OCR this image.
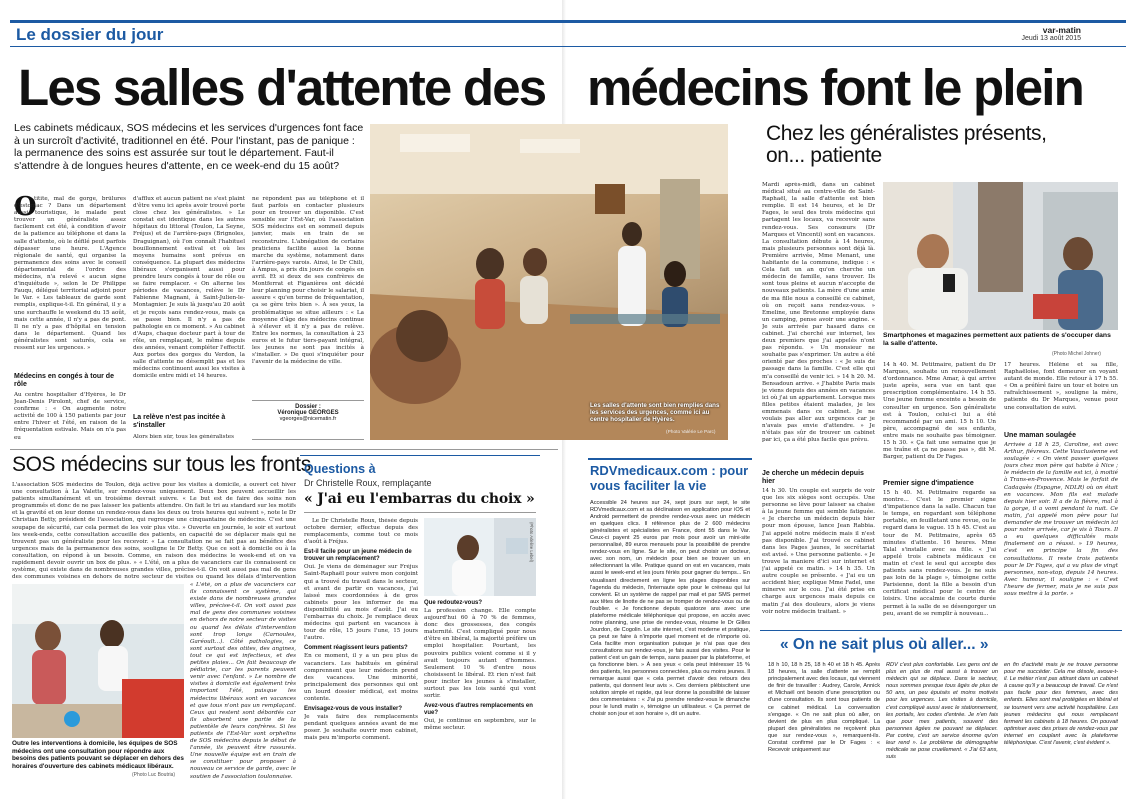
Le dossier du jour	var-matin
Jeudi 13 août 2015
Les salles d'attente des médecins font le plein
Les cabinets médicaux, SOS médecins et les services d'urgences font face à un surcroît d'activité, traditionnel en été. Pour l'instant, pas de panique : la permanence des soins est assurée sur tout le département. Faut-il s'attendre à de longues heures d'attente, en ce week-end du 15 août?
O
titite, mal de gorge, brûlures d'estomac ? Dans un département aussi touristique, le malade peut trouver un généraliste assez facilement cet été, à condition d'avoir de la patience au téléphone et dans la salle d'attente, où le défilé peut parfois dépasser une heure. L'Agence régionale de santé, qui organise la permanence des soins avec le conseil départemental de l'ordre des médecins, n'a relevé « aucun signe d'inquiétude », selon le Dr Philippe Fauqu, délégué territorial adjoint pour le Var. « Les tableaux de garde sont remplis, explique-t-il. En général, il y a une surchauffe le weekend du 15 août, mais cette année, il n'y a pas de pont. Il ne n'y a pas d'hôpital en tension dans le département. Quand les généralistes sont saturés, cela se ressent sur les urgences. »
Médecins en congés à tour de rôle
Au centre hospitalier d'Hyères, le Dr Jean-Denis Pirolont, chef de service, confirme : « On augmente notre activité de 100 à 150 patients par jour entre l'hiver et l'été, en raison de la fréquentation estivale. Mais on n'a pas eu
d'afflux et aucun patient ne s'est plaint d'être venu ici après avoir trouvé porte close chez les généralistes. » Le constat est identique dans les autres hôpitaux du littoral (Toulon, La Seyne, Fréjus) et de l'arrière-pays (Brignoles, Draguignan), où l'on connaît l'habituel bouillonnement estival et où les moyens humains sont prévus en conséquence. La plupart des médecins libéraux s'organisent aussi pour prendre leurs congés à tour de rôle ou se faire remplacer. « On alterne les périodes de vacances, relève le Dr Fabienne Magnani, à Saint-Julien-le-Montagnier. Je suis là jusqu'au 20 août et je reçois sans rendez-vous, mais ça se passe bien. Il n'y a pas de pathologie en ce moment. » Au cabinet d'Aups, chaque docteur part à tour de rôle, un remplaçant, le même depuis des années, venant compléter l'effectif. Aux portes des gorges du Verdon, la salle d'attente ne désemplit pas et les médecins continuent aussi les visites à domicile entre midi et 14 heures.
La relève n'est pas incitée à s'installer
Alors bien sûr, tous les généralistes
ne répondent pas au téléphone et il faut parfois en contacter plusieurs pour en trouver un disponible. C'est sensible sur l'Est-Var, où l'association SOS médecins est en sommeil depuis janvier, mais en train de se reconstruire. L'abnégation de certains praticiens facilite aussi la bonne marche du système, notamment dans l'arrière-pays varois. Ainsi, le Dr Chili, à Ampus, a pris dix jours de congés en avril. Et si deux de ses confrères de Montferrat et Figanières ont décidé leur planning pour choisir le salariat, il assure « qu'en terme de fréquentation, ça se gère très bien ». À ses yeux, la problématique se situe ailleurs : « La moyenne d'âge des médecins continue à s'élever et il n'y a pas de relève. Entre les normes, la consultation à 23 euros et le futur tiers-payant intégral, les jeunes ne sont pas incités à s'installer. » De quoi s'inquiéter pour l'avenir de la médecine de ville.
Dossier :
Véronique GEORGES
vgeorges@nicematin.fr
Les salles d'attente sont bien remplies dans les services des urgences, comme ici au centre hospitalier de Hyères.
(Photo Valérie Le Parc)
Chez les généralistes présents, on... patiente
Mardi après-midi, dans un cabinet médical situé au centre-ville de Saint-Raphaël, la salle d'attente est bien remplie. Il est 14 heures, et le Dr Fages, le seul des trois médecins qui partagent les locaux, va recevoir sans rendez-vous. Ses consœurs (Dr Marques et Vincenti) sont en vacances. La consultation débute à 14 heures, mais plusieurs personnes sont déjà là. Première arrivée, Mme Menant, une habitante de la commune, indique : « Cela fait un an qu'on cherche un médecin de famille, sans trouver. Ils sont tous pleins et aucun n'accepte de nouveaux patients. La mère d'une amie de ma fille nous a conseillé ce cabinet, où on reçoit sans rendez-vous. » Emeline, une Bretonne employée dans un camping, pense avoir une angine. « Je suis arrivée par hasard dans ce cabinet. J'ai cherché sur internet, les deux premiers que j'ai appelés n'ont pas répondu. » Un monsieur ne souhaite pas s'exprimer. Un autre a été orienté par des proches : « Je suis de passage dans la famille. C'est elle qui m'a conseillé de venir ici. » 14 h 20. M. Bensadoun arrive. « J'habite Paris mais je viens depuis des années en vacances ici où j'ai un appartement. Lorsque mes filles petites étaient malades, je les emmenais dans ce cabinet. Je ne voulais pas aller aux urgences car je n'avais pas envie d'attendre. » Je n'étais pas sûr de trouver un cabinet par ici, ça a été plus facile que prévu.
Je cherche un médecin depuis hier
14 h 30. Un couple est surpris de voir que les six sièges sont occupés. Une personne se lève pour laisser sa chaise à la jeune femme qui semble fatiguée. « Je cherche un médecin depuis hier pour mon épouse, lance Jean Rabbia. J'ai appelé notre médecin mais il n'est pas disponible. J'ai trouvé ce cabinet dans les Pages jaunes, le secrétariat est avisé. » Une personne patiente. « Je trouve la maniere d'ici sur internet et j'ai appelé ce matin. » 14 h 35. Un autre couple se présente. « J'ai eu un accident hier, explique Mme Fadel, une minerve sur le cou. J'ai été prise en charge aux urgences mais depuis ce matin j'ai des douleurs, alors je viens voir notre médecin traitant. »
Smartphones et magazines permettent aux patients de s'occuper dans la salle d'attente.
(Photo Michel Johner)
14 h 40. M. Petitmaire, patient du Dr Marques, souhaite un renouvellement d'ordonnance. Mme Amar, à qui arrive juste après, sera vue en tant que prescription complémentaire. 14 h 55. Une jeune femme enceinte a besoin de consulter en urgence. Son généraliste est à Toulon, celui-ci lui a été recommandé par un ami. 15 h 10. Un père, accompagné de ses enfants, entre mais ne souhaite pas témoigner. 15 h 30. « Ça fait une semaine que je me traîne et ça ne passe pas », dit M. Barger, patient du Dr Fages.
Premier signe d'impatience
15 h 40. M. Petitmaire regarde sa montre... C'est le premier signe d'impatience dans la salle. Chacun tue le temps, en regardant son téléphone portable, en feuilletant une revue, ou le regard dans le vague. 15 h 45. C'est au tour de M. Petitmaire, après 65 minutes d'attente. 16 heures. Mme Talal s'installe avec sa fille. « J'ai appelé trois cabinets médicaux ce matin et c'est le seul qui accepte des patients sans rendez-vous. Je ne suis pas loin de la plage », témoigne cette Parisienne, dont la fille a besoin d'un certificat médical pour le centre de loisirs. Une accalmie de courte durée permet à la salle de se désengorger un peu, avant de se remplir à nouveau...
17 heures. Hélène et sa fille, Raphaëloise, font demeurer en voyant autant de monde. Elle retour à 17 h 55. « On a préféré faire un tour et boire un rafraîchissement », souligne la mère, patiente du Dr Marques, venue pour une consultation de suivi.
Une maman soulagée
Arrivée à 18 h 25, Caroline, est avec Arthur, fiévreux. Cette Vauclusienne est soulagée : « On vient passer quelques jours chez mon père qui habite à Nice ; le médecin de la famille est ici, à moitié à Trans-en-Provence. Mais le forfait de Cadaquès (Espagne, NDLR) où on était en vacances. Mon fils est malade depuis hier soir. Il a de la fièvre, mal à la gorge, il a vomi pendant la nuit. Ce matin, j'ai appelé mon père pour lui demander de me trouver un médecin ici pour notre arrivée, car je vis à Tours. Il a eu quelques difficultés mais finalement on a réussi. » 19 heures, c'est en principe la fin des consultations. Il reste trois patients pour le Dr Fages, qui a vu plus de vingt personnes, non-stop, depuis 14 heures. Avec humour, il souligne : « C'est l'heure de fermer, mais je ne suis pas sous mettre à la porte. »
SOS médecins sur tous les fronts
L'association SOS médecins de Toulon, déjà active pour les visites à domicile, a ouvert cet hiver une consultation à La Valette, sur rendez-vous uniquement. Deux box peuvent accueillir les patients simultanément et un troisième devrait suivre. « Le but est de faire des soins non programmés et donc de ne pas laisser les patients attendre. On fait le tri au standard sur les motifs et la gravité et on leur donne un rendez-vous dans les deux ou trois heures qui suivent », note le Dr Christian Betty, président de l'association, qui regroupe une cinquantaine de médecins. C'est une soupape de sécurité, car cela permet de les voir plus vite. » Ouverte en journée, le soir et surtout les week-ends, cette consultation accueille des patients, en capacité de se déplacer mais qui ne trouvent pas un généraliste pour les recevoir. « La consultation ne se fait pas au bénéfice des urgences mais de la permanence des soins, souligne le Dr Betty. Que ce soit à domicile ou à la consultation, on répond à un besoin. Comme, en raison des médecins le week-end et on va rapidement devoir ouvrir un box de plus. » « L'été, on a plus de vacanciers car ils connaissent ce système, qui existe dans de nombreuses grandes villes, précise-t-il. On voit aussi pas mal de gens des communes voisines en dehors de notre secteur de visites ou quand les délais d'intervention
« L'été, on a plus de vacanciers car ils connaissent ce système, qui existe dans de nombreuses grandes villes, précise-t-il. On voit aussi pas mal de gens des communes voisines en dehors de notre secteur de visites ou quand les délais d'intervention sont trop longs (Carnoules, Garéoult...). Côté pathologies, ce sont surtout des otites, des angines, tout ce qui est infectieux, et des petites plaies... On fait beaucoup de pédiatrie, car les parents peuvent venir avec l'enfant. » Le nombre de visites à domicile est également très important l'été, puisque les médecins libéraux sont en vacances et que tous n'ont pas un remplaçant. Ceux qui restent sont débordés car ils absorbent une partie de la patientèle de leurs confrères. Si les patients de l'Est-Var sont orphelins de SOS médecins depuis le début de l'année, ils peuvent être rassurés. Une nouvelle équipe est en train de se constituer pour proposer à nouveau ce service de garde, avec le soutien de l'association toulonnaise.
Outre les interventions à domicile, les équipes de SOS médecins ont une consultation pour répondre aux besoins des patients pouvant se déplacer en dehors des horaires d'ouverture des cabinets médicaux libéraux.
(Photo Luc Boutria)
Questions à
Dr Christelle Roux, remplaçante
« J'ai eu l'embarras du choix »
Le Dr Christelle Roux, thésée depuis octobre dernier, effectue depuis des remplacements, comme tout ce mois d'août à Fréjus.
Est-il facile pour un jeune médecin de trouver un remplacement?
Oui. Je viens de déménager sur Fréjus Saint-Raphaël pour suivre mon conjoint qui a trouvé du travail dans le secteur, et avant de partir en vacances, j'ai laissé mes coordonnées à de gros cabinets pour les informer de ma disponibilité au mois d'août. J'ai eu l'embarras du choix. Je remplace deux médecins qui partent en vacances à tour de rôle, 15 jours l'une, 15 jours l'autre.
Comment réagissent leurs patients?
En ce moment, il y a un peu plus de vacanciers. Les habitués en général comprennent que leur médecin prend des vacances. Une minorité, principalement des personnes qui ont un lourd dossier médical, est moins contente.
Envisagez-vous de vous installer?
Je vais faire des remplacements pendant quelques années avant de me poser. Je souhaite ouvrir mon cabinet, mais peu m'importe comment.
(Photo Adeline Lebel)
Que redoutez-vous?
La profession change. Elle compte aujourd'hui 60 à 70 % de femmes, donc des grossesses, des congés maternité. C'est compliqué pour nous d'être en libéral, la majorité préfère un emploi hospitalier. Pourtant, les pouvoirs publics voient comme si il y avait toujours autant d'hommes. Seulement 10 % d'entre nous choisissent le libéral. Et rien n'est fait pour inciter les jeunes à s'installer, surtout pas les lois santé qui vont sortir.
Avez-vous d'autres remplacements en vue?
Oui, je continue en septembre, sur le même secteur.
RDVmedicaux.com : pour vous faciliter la vie
Accessible 24 heures sur 24, sept jours sur sept, le site RDVmedicaux.com et sa déclinaison en application pour iOS et Android permettent de prendre rendez-vous avec un médecin en quelques clics. Il référence plus de 2 600 médecins généralistes et spécialistes en France, dont 55 dans le Var. Ceux-ci payent 25 euros par mois pour avoir un mini-site personnalisé, 89 euros mensuels pour la possibilité de prendre rendez-vous en ligne. Sur le site, on peut choisir un docteur, avec son nom, un médecin pour bien se trouver un en sélectionnant la ville. Pratique quand on est en vacances, mais aussi le week-end et les jours fériés pour gagner du temps... En visualisant directement en ligne les plages disponibles sur l'agenda du médecin, l'internaute opte pour le créneau qui lui convient. Et un système de rappel par mail et par SMS permet aux têtes de linotte de ne pas se tromper de rendez-vous ou de l'oublier. « Je fonctionne depuis quatorze ans avec une plateforme médicale téléphonique qui propose, en accès avec notre planning, une prise de rendez-vous, résume le Dr Gilles Jourdon, de Cogolin. Le site internet, c'est moderne et pratique, ça peut se faire à n'importe quel moment et de n'importe où. Cela facilite mon organisation puisque je n'ai pas que des consultations sur rendez-vous, je fais aussi des visites. Pour le patient c'est un gain de temps, sans passer par la plateforme, et ça fonctionne bien. » À ses yeux « cela peut intéresser 15 % des patients, les personnes connectées, plus ou moins jeunes. Il remarque aussi que « cela permet d'avoir des retours des patients, qui donnent leur avis ». Ces derniers plébiscitent une solution simple et rapide, qui leur donne la possibilité de laisser des commentaires : « J'ai pu prendre rendez-vous le dimanche pour le lundi matin », témoigne un utilisateur. « Ça permet de choisir son jour et son horaire », dit un autre.
« On ne sait plus où aller... »
18 h 10, 18 h 25, 18 h 40 et 18 h 45. Après 18 heures, la salle d'attente se remplit principalement avec des locaux, qui viennent de finir de travailler : Audrey, Carole, Annick et Michaël ont besoin d'une prescription ou d'une consultation. Ils sont tous patients de ce cabinet médical. La conversation s'engage. « On ne sait plus où aller, on devient de plus en plus compliqué. La plupart des généralistes ne reçoivent plus que sur rendez-vous », remarquent-ils. Constat confirmé par le Dr Fages : « Recevoir uniquement sur
RDV c'est plus confortable. Les gens ont de plus en plus de mal aussi à trouver un médecin qui se déplace. Dans le secteur, nous sommes presque tous âgés de plus de 50 ans, un peu épuisés et moins motivés pour les urgences. Les visites à domicile, c'est compliqué aussi avec le stationnement, les portails, les codes d'entrée. Je n'en fais que pour mes patients, souvent des personnes âgées ne pouvant se déplacer. Par contre, c'est un service énorme qu'on leur rend ». Le problème de démographie médicale se pose cruellement. « J'ai 63 ans, suis
en fin d'activité mais je ne trouve personne pour me succéder. Cela me désole, avoue-t-il. Le métier n'est pas attirant dans un cabinet à cause qu'il y a beaucoup de travail. Ce n'est pas facile pour des femmes, avec des enfants. Elles sont mal protégées en libéral et se tournent vers une activité hospitalière. Les jeunes médecins qui nous remplacent ferment les cabinets à 18 heures. On pouvait optimiser avec des prises de rendez-vous par internet en couplant avec la plateforme téléphonique. C'est l'avenir, c'est évident ».
